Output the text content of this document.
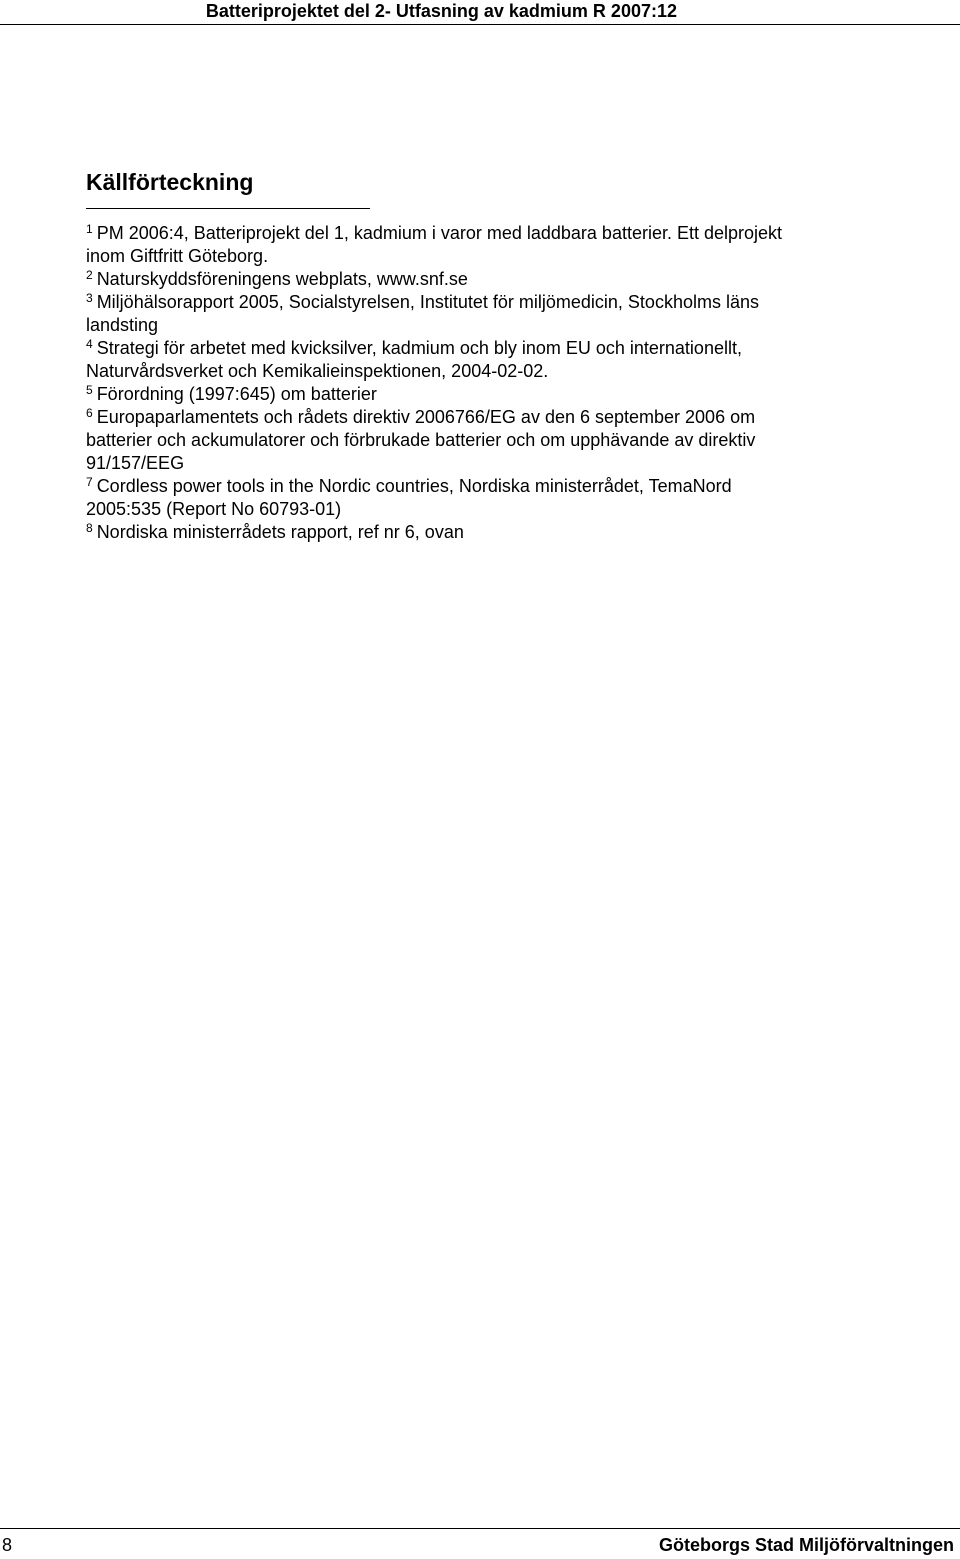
Batteriprojektet del 2- Utfasning av kadmium R 2007:12
Källförteckning

$^1$ PM 2006:4, Batteriprojekt del 1, kadmium i varor med laddbara batterier. Ett delprojekt
inom Giftfritt Göteborg.

$^2$ Naturskyddsföreningens webplats, www.snf.se

$^3$ Miljöhälsorapport 2005, Socialstyrelsen, Institutet för miljömedicin, Stockholms läns
landsting

$^4$ Strategi för arbetet med kvicksilver, kadmium och bly inom EU och internationellt,
Naturvårdsverket och Kemikalieinspektionen, 2004-02-02.

$^5$ Förordning (1997:645) om batterier

$^6$ Europaparlamentets och rådets direktiv 2006766/EG av den 6 september 2006 om
batterier och ackumulatorer och förbrukade batterier och om upphävande av direktiv
91/157/EEG

$^7$ Cordless power tools in the Nordic countries, Nordiska ministerrådet, TemaNord
2005:535 (Report No 60793-01)

$^8$ Nordiska ministerrådets rapport, ref nr 6, ovan

8	Göteborgs Stad Miljöförvaltningen
